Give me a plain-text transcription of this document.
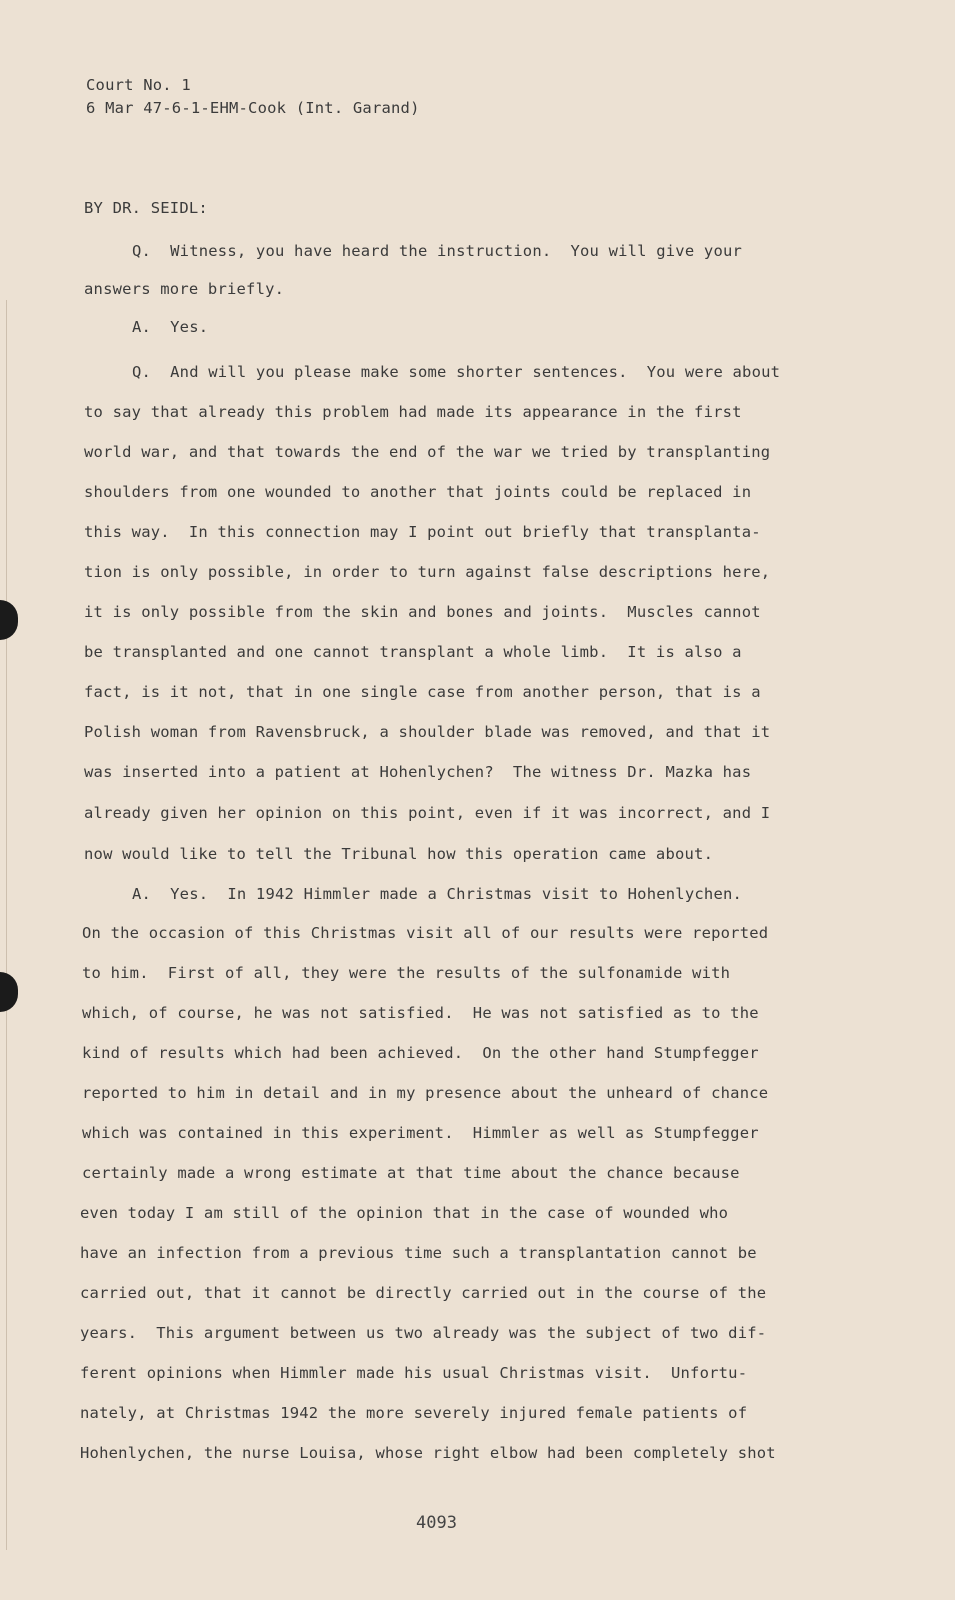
Court No. 1
6 Mar 47-6-1-EHM-Cook (Int. Garand)
BY DR. SEIDL:
Q.  Witness, you have heard the instruction.  You will give your
answers more briefly.
A.  Yes.
Q.  And will you please make some shorter sentences.  You were about
to say that already this problem had made its appearance in the first
world war, and that towards the end of the war we tried by transplanting
shoulders from one wounded to another that joints could be replaced in
this way.  In this connection may I point out briefly that transplanta-
tion is only possible, in order to turn against false descriptions here,
it is only possible from the skin and bones and joints.  Muscles cannot
be transplanted and one cannot transplant a whole limb.  It is also a
fact, is it not, that in one single case from another person, that is a
Polish woman from Ravensbruck, a shoulder blade was removed, and that it
was inserted into a patient at Hohenlychen?  The witness Dr. Mazka has
already given her opinion on this point, even if it was incorrect, and I
now would like to tell the Tribunal how this operation came about.
A.  Yes.  In 1942 Himmler made a Christmas visit to Hohenlychen.
On the occasion of this Christmas visit all of our results were reported
to him.  First of all, they were the results of the sulfonamide with
which, of course, he was not satisfied.  He was not satisfied as to the
kind of results which had been achieved.  On the other hand Stumpfegger
reported to him in detail and in my presence about the unheard of chance
which was contained in this experiment.  Himmler as well as Stumpfegger
certainly made a wrong estimate at that time about the chance because
even today I am still of the opinion that in the case of wounded who
have an infection from a previous time such a transplantation cannot be
carried out, that it cannot be directly carried out in the course of the
years.  This argument between us two already was the subject of two dif-
ferent opinions when Himmler made his usual Christmas visit.  Unfortu-
nately, at Christmas 1942 the more severely injured female patients of
Hohenlychen, the nurse Louisa, whose right elbow had been completely shot
4093
